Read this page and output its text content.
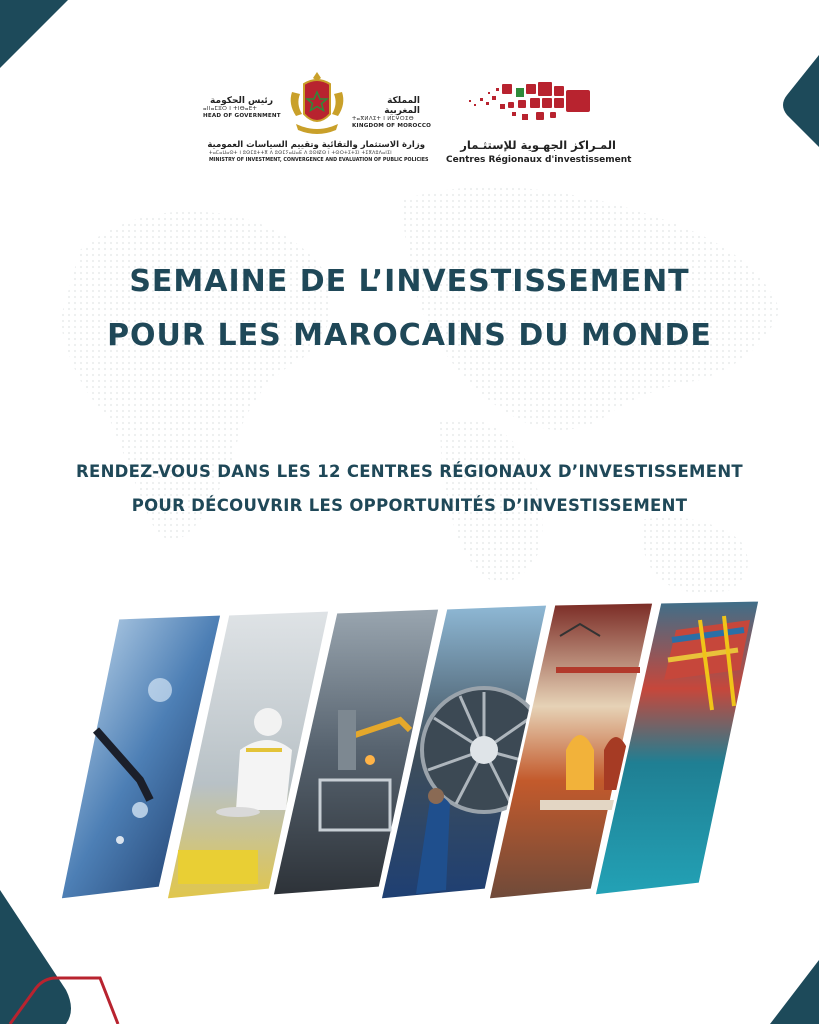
رئيس الحكومة
ⴰⵏⵏⴰⵎⵓⵔ ⵏ ⵜⵏⴱⴰⴹⵜ
HEAD OF GOVERNMENT
المملكة المغربية
ⵜⴰⴳⵍⴷⵉⵜ ⵏ ⵍⵎⵖⵔⵉⴱ
KINGDOM OF MOROCCO
وزارة الاستثمار والتقائية وتقييم السياسات العمومية
ⵜⴰⵎⴰⵡⴰⵙⵜ ⵏ ⵓⵙⵎⵓⵜⵜⴳ ⴷ ⵓⵙⵎⵢⴰⵡⴰⴹ ⴷ ⵓⵙⵏⵇⵙ ⵏ ⵜⵙⵔⵜⵉⵜⵉⵏ ⵜⵉⴳⴷⵓⴷⴰⵏⵉⵏ
MINISTRY OF INVESTMENT, CONVERGENCE AND EVALUATION OF PUBLIC POLICIES
المـراكز الجهـوية للإستثـمار
Centres Régionaux d'investissement
SEMAINE DE L’INVESTISSEMENT
POUR LES MAROCAINS DU MONDE
RENDEZ-VOUS DANS LES 12 CENTRES RÉGIONAUX D’INVESTISSEMENT
POUR DÉCOUVRIR LES OPPORTUNITÉS D’INVESTISSEMENT
